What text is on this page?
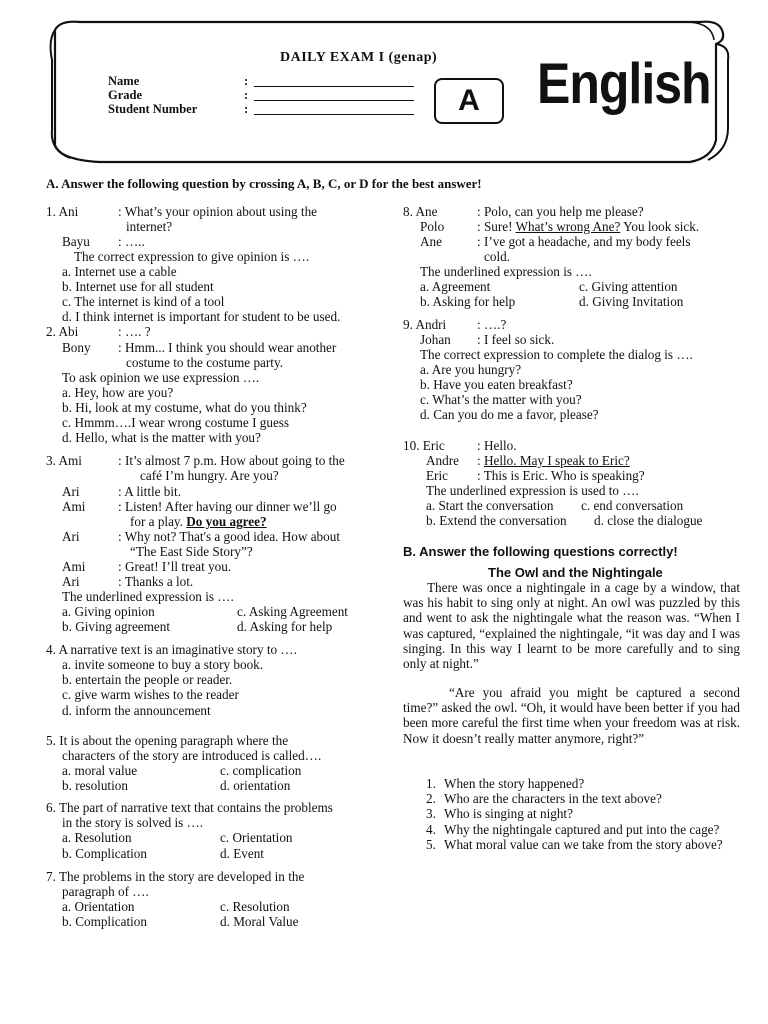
DAILY EXAM I (genap)
Name	:
Grade	:
Student Number	:	A English
A. Answer the following question by crossing A, B, C, or D for the best answer!
1. Ani	: What’s your opinion about using the
internet?
Bayu : …..
The correct expression to give opinion is ….
a. Internet use a cable
b. Internet use for all student
c. The internet is kind of a tool
d. I think internet is important for student to be used.
2. Abi	: …. ?
Bony : Hmm... I think you should wear another
costume to the costume party.
To ask opinion we use expression ….
a. Hey, how are you?
b. Hi, look at my costume, what do you think?
c. Hmmm….I wear wrong costume I guess
d. Hello, what is the matter with you?
3. Ami	: It’s almost 7 p.m. How about going to the
café I’m hungry. Are you?
Ari	: A little bit.
Ami : Listen! After having our dinner we’ll go
for a play. Do you agree?
Ari	: Why not? That's a good idea. How about
“The East Side Story”?
Ami : Great! I’ll treat you.
Ari	: Thanks a lot.
The underlined expression is ….
a. Giving opinion	c. Asking Agreement
b. Giving agreement	d. Asking for help
4. A narrative text is an imaginative story to ….
a. invite someone to buy a story book.
b. entertain the people or reader.
c. give warm wishes to the reader
d. inform the announcement
5. It is about the opening paragraph where the
characters of the story are introduced is called….
a. moral value	c. complication
b. resolution	d. orientation
6. The part of narrative text that contains the problems
in the story is solved is ….
a. Resolution	c. Orientation
b. Complication	d. Event
7. The problems in the story are developed in the
paragraph of ….
a. Orientation	c. Resolution
b. Complication	d. Moral Value
8. Ane	: Polo, can you help me please?
Polo : Sure! What’s wrong Ane? You look sick.
Ane	: I’ve got a headache, and my body feels
cold.
The underlined expression is ….
a. Agreement	c. Giving attention
b. Asking for help	d. Giving Invitation
9. Andri : ….?
Johan : I feel so sick.
The correct expression to complete the dialog is ….
a. Are you hungry?
b. Have you eaten breakfast?
c. What’s the matter with you?
d. Can you do me a favor, please?
10. Eric : Hello.
Andre : Hello. May I speak to Eric?
Eric : This is Eric. Who is speaking?
The underlined expression is used to ….
a. Start the conversation c. end conversation
b. Extend the conversation d. close the dialogue
B. Answer the following questions correctly!
The Owl and the Nightingale
There was once a nightingale in a cage by a window, that was his habit to sing only at night. An owl was puzzled by this and went to ask the nightingale what the reason was. “When I was captured, “explained the nightingale, “it was day and I was singing. In this way I learnt to be more carefully and to sing only at night.”
“Are you afraid you might be captured a second time?” asked the owl. “Oh, it would have been better if you had been more careful the first time when your freedom was at risk. Now it doesn’t really matter anymore, right?”
1. When the story happened?
2. Who are the characters in the text above?
3. Who is singing at night?
4. Why the nightingale captured and put into the cage?
5. What moral value can we take from the story above?
